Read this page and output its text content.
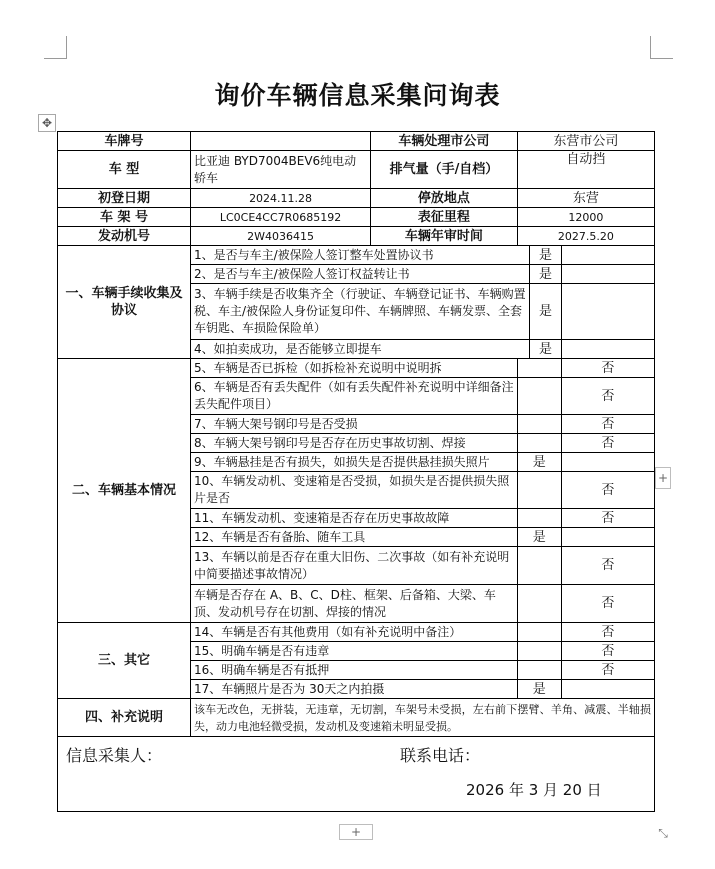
询价车辆信息采集问询表
✥
车牌号		车辆处理市公司	东营市公司		
车 型	比亚迪 BYD7004BEV6纯电动轿车	排气量（手/自档）	自动挡		
初登日期	2024.11.28	停放地点	东营		
车 架 号	LC0CE4CC7R0685192	表征里程	12000		
发动机号	2W4036415	车辆年审时间	2027.5.20		
一、车辆手续收集及协议	1、是否与车主/被保险人签订整车处置协议书			是	
	2、是否与车主/被保险人签订权益转让书			是	
	3、车辆手续是否收集齐全（行驶证、车辆登记证书、车辆购置税、车主/被保险人身份证复印件、车辆牌照、车辆发票、全套车钥匙、车损险保险单）			是	
	4、如拍卖成功，是否能够立即提车			是	
二、车辆基本情况	5、车辆是否已拆检（如拆检补充说明中说明拆				否
	6、车辆是否有丢失配件（如有丢失配件补充说明中详细备注丢失配件项目）				否
	7、车辆大架号钢印号是否受损				否
	8、车辆大架号钢印号是否存在历史事故切割、焊接				否
	9、车辆悬挂是否有损失，如损失是否提供悬挂损失照片		是		
	10、车辆发动机、变速箱是否受损，如损失是否提供损失照片是否				否
	11、车辆发动机、变速箱是否存在历史事故故障				否
	12、车辆是否有备胎、随车工具		是		
	13、车辆以前是否存在重大旧伤、二次事故（如有补充说明中简要描述事故情况）				否
	车辆是否存在 A、B、C、D柱、框架、后备箱、大梁、车顶、发动机号存在切割、焊接的情况				否
三、其它	14、车辆是否有其他费用（如有补充说明中备注）				否
	15、明确车辆是否有违章				否
	16、明确车辆是否有抵押				否
	17、车辆照片是否为 30天之内拍摄		是		
四、补充说明	该车无改色，无拼装，无违章，无切割，车架号未受损，左右前下摆臂、羊角、减震、半轴损失，动力电池轻微受损，发动机及变速箱未明显受损。				

信息采集人： 联系电话：
2026 年 3 月 20 日					
+
+	⤡
